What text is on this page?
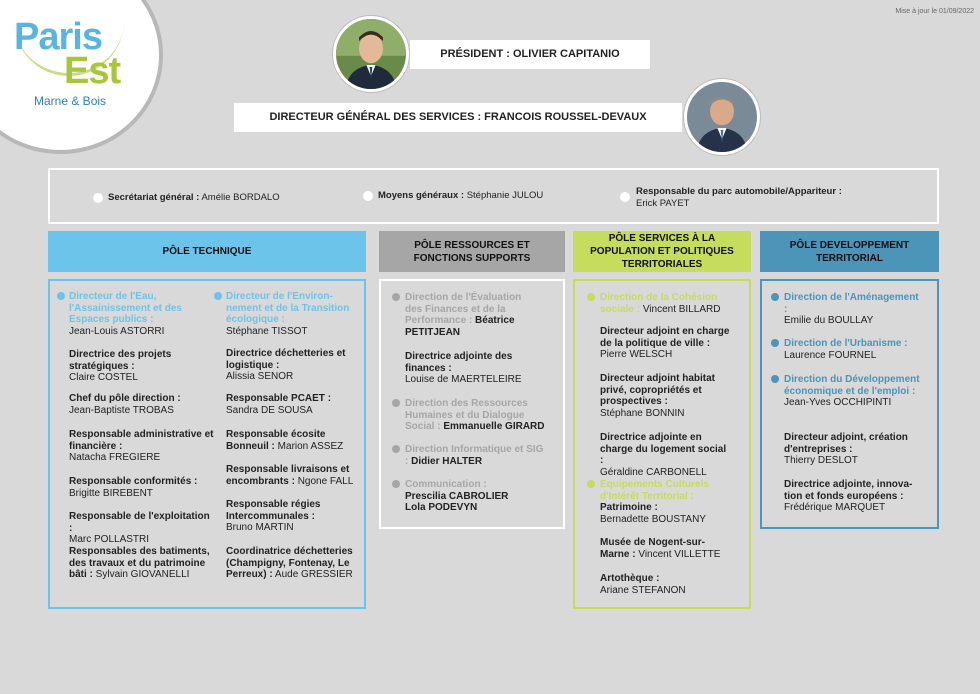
Paris
Est
Marne & Bois
Mise à jour le 01/09/2022
PRÉSIDENT : OLIVIER CAPITANIO
DIRECTEUR GÉNÉRAL DES SERVICES : FRANCOIS ROUSSEL-DEVAUX
Secrétariat général : Amélie BORDALO	Moyens généraux : Stéphanie JULOU	Responsable du parc automobile/Appariteur :
Erick PAYET
PÔLE TECHNIQUE
PÔLE RESSOURCES ET FONCTIONS SUPPORTS
PÔLE SERVICES À LA POPULATION ET POLITIQUES TERRITORIALES
PÔLE DEVELOPPEMENT TERRITORIAL
Directeur de l'Eau, l'Assainissement et des Espaces publics :
Jean-Louis ASTORRI
Directrice des projets stratégiques :
Claire COSTEL
Chef du pôle direction :
Jean-Baptiste TROBAS
Responsable administrative et financière :
Natacha FREGIERE
Responsable conformités :
Brigitte BIREBENT
Responsable de l'exploitation :
Marc POLLASTRI
Responsables des batiments, des travaux et du patrimoine bâti : Sylvain GIOVANELLI
Directeur de l'Environ-nement et de la Transition écologique :
Stéphane TISSOT
Directrice déchetteries et logistique :
Alissia SENOR
Responsable PCAET :
Sandra DE SOUSA
Responsable écosite Bonneuil : Marion ASSEZ
Responsable livraisons et encombrants : Ngone FALL
Responsable régies Intercommunales :
Bruno MARTIN
Coordinatrice déchetteries (Champigny, Fontenay, Le Perreux) : Aude GRESSIER
Direction de l'Évaluation des Finances et de la Performance : Béatrice PETITJEAN
Directrice adjointe des finances :
Louise de MAERTELEIRE
Direction des Ressources Humaines et du Dialogue Social : Emmanuelle GIRARD
Direction Informatique et SIG : Didier HALTER
Communication :
Prescilia CABROLIER
Lola PODEVYN
Direction de la Cohésion sociale : Vincent BILLARD
Directeur adjoint en charge de la politique de ville :
Pierre WELSCH
Directeur adjoint habitat privé, copropriétés et prospectives :
Stéphane BONNIN
Directrice adjointe en charge du logement social :
Géraldine CARBONELL
Equipements Culturels d'Intérêt Territorial :
Patrimoine :
Bernadette BOUSTANY
Musée de Nogent-sur-Marne : Vincent VILLETTE
Artothèque :
Ariane STEFANON
Direction de l'Aménagement :
Emilie du BOULLAY
Direction de l'Urbanisme :
Laurence FOURNEL
Direction du Développement économique et de l'emploi :
Jean-Yves OCCHIPINTI
Directeur adjoint, création d'entreprises :
Thierry DESLOT
Directrice adjointe, innova-tion et fonds européens :
Frédérique MARQUET
